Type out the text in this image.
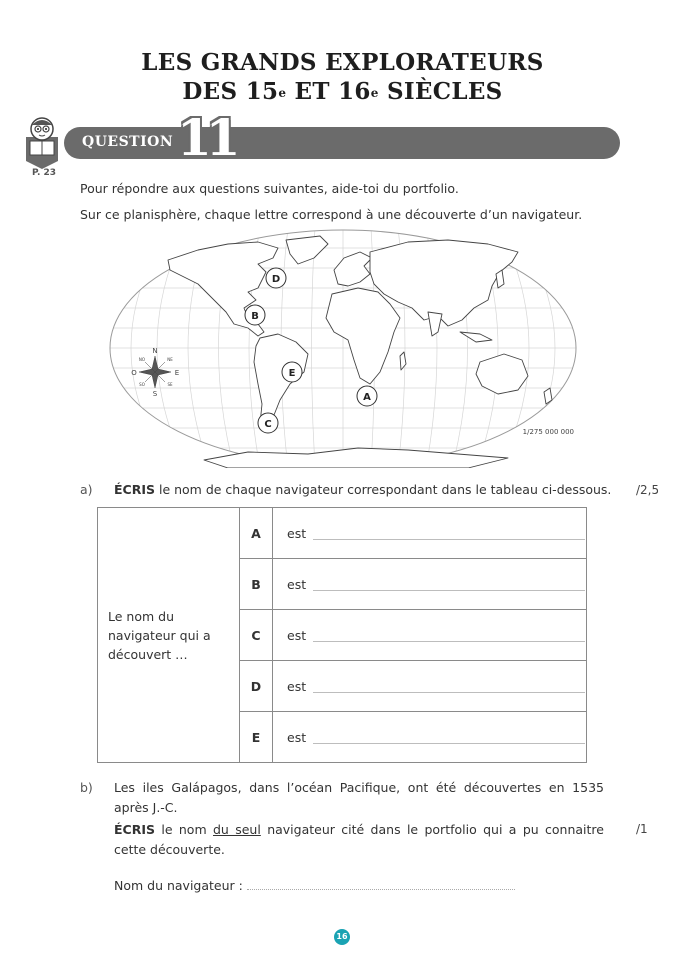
LES GRANDS EXPLORATEURS
DES 15e ET 16e SIÈCLES
P. 23
QUESTION 11
Pour répondre aux questions suivantes, aide-toi du portfolio.
Sur ce planisphère, chaque lettre correspond à une découverte d’un navigateur.
N
S
O	E
NO	NE
SO	SE
1/275 000 000
D
B
E
A
C
a) ÉCRIS le nom de chaque navigateur correspondant dans le tableau ci-dessous. /2,5
Le nom du navigateur qui a découvert …	A	est
	B	est
	C	est
	D	est
	E	est
b) Les iles Galápagos, dans l’océan Pacifique, ont été découvertes en 1535 après J.-C.
ÉCRIS le nom du seul navigateur cité dans le portfolio qui a pu connaitre cette découverte.
/1
Nom du navigateur :
16
